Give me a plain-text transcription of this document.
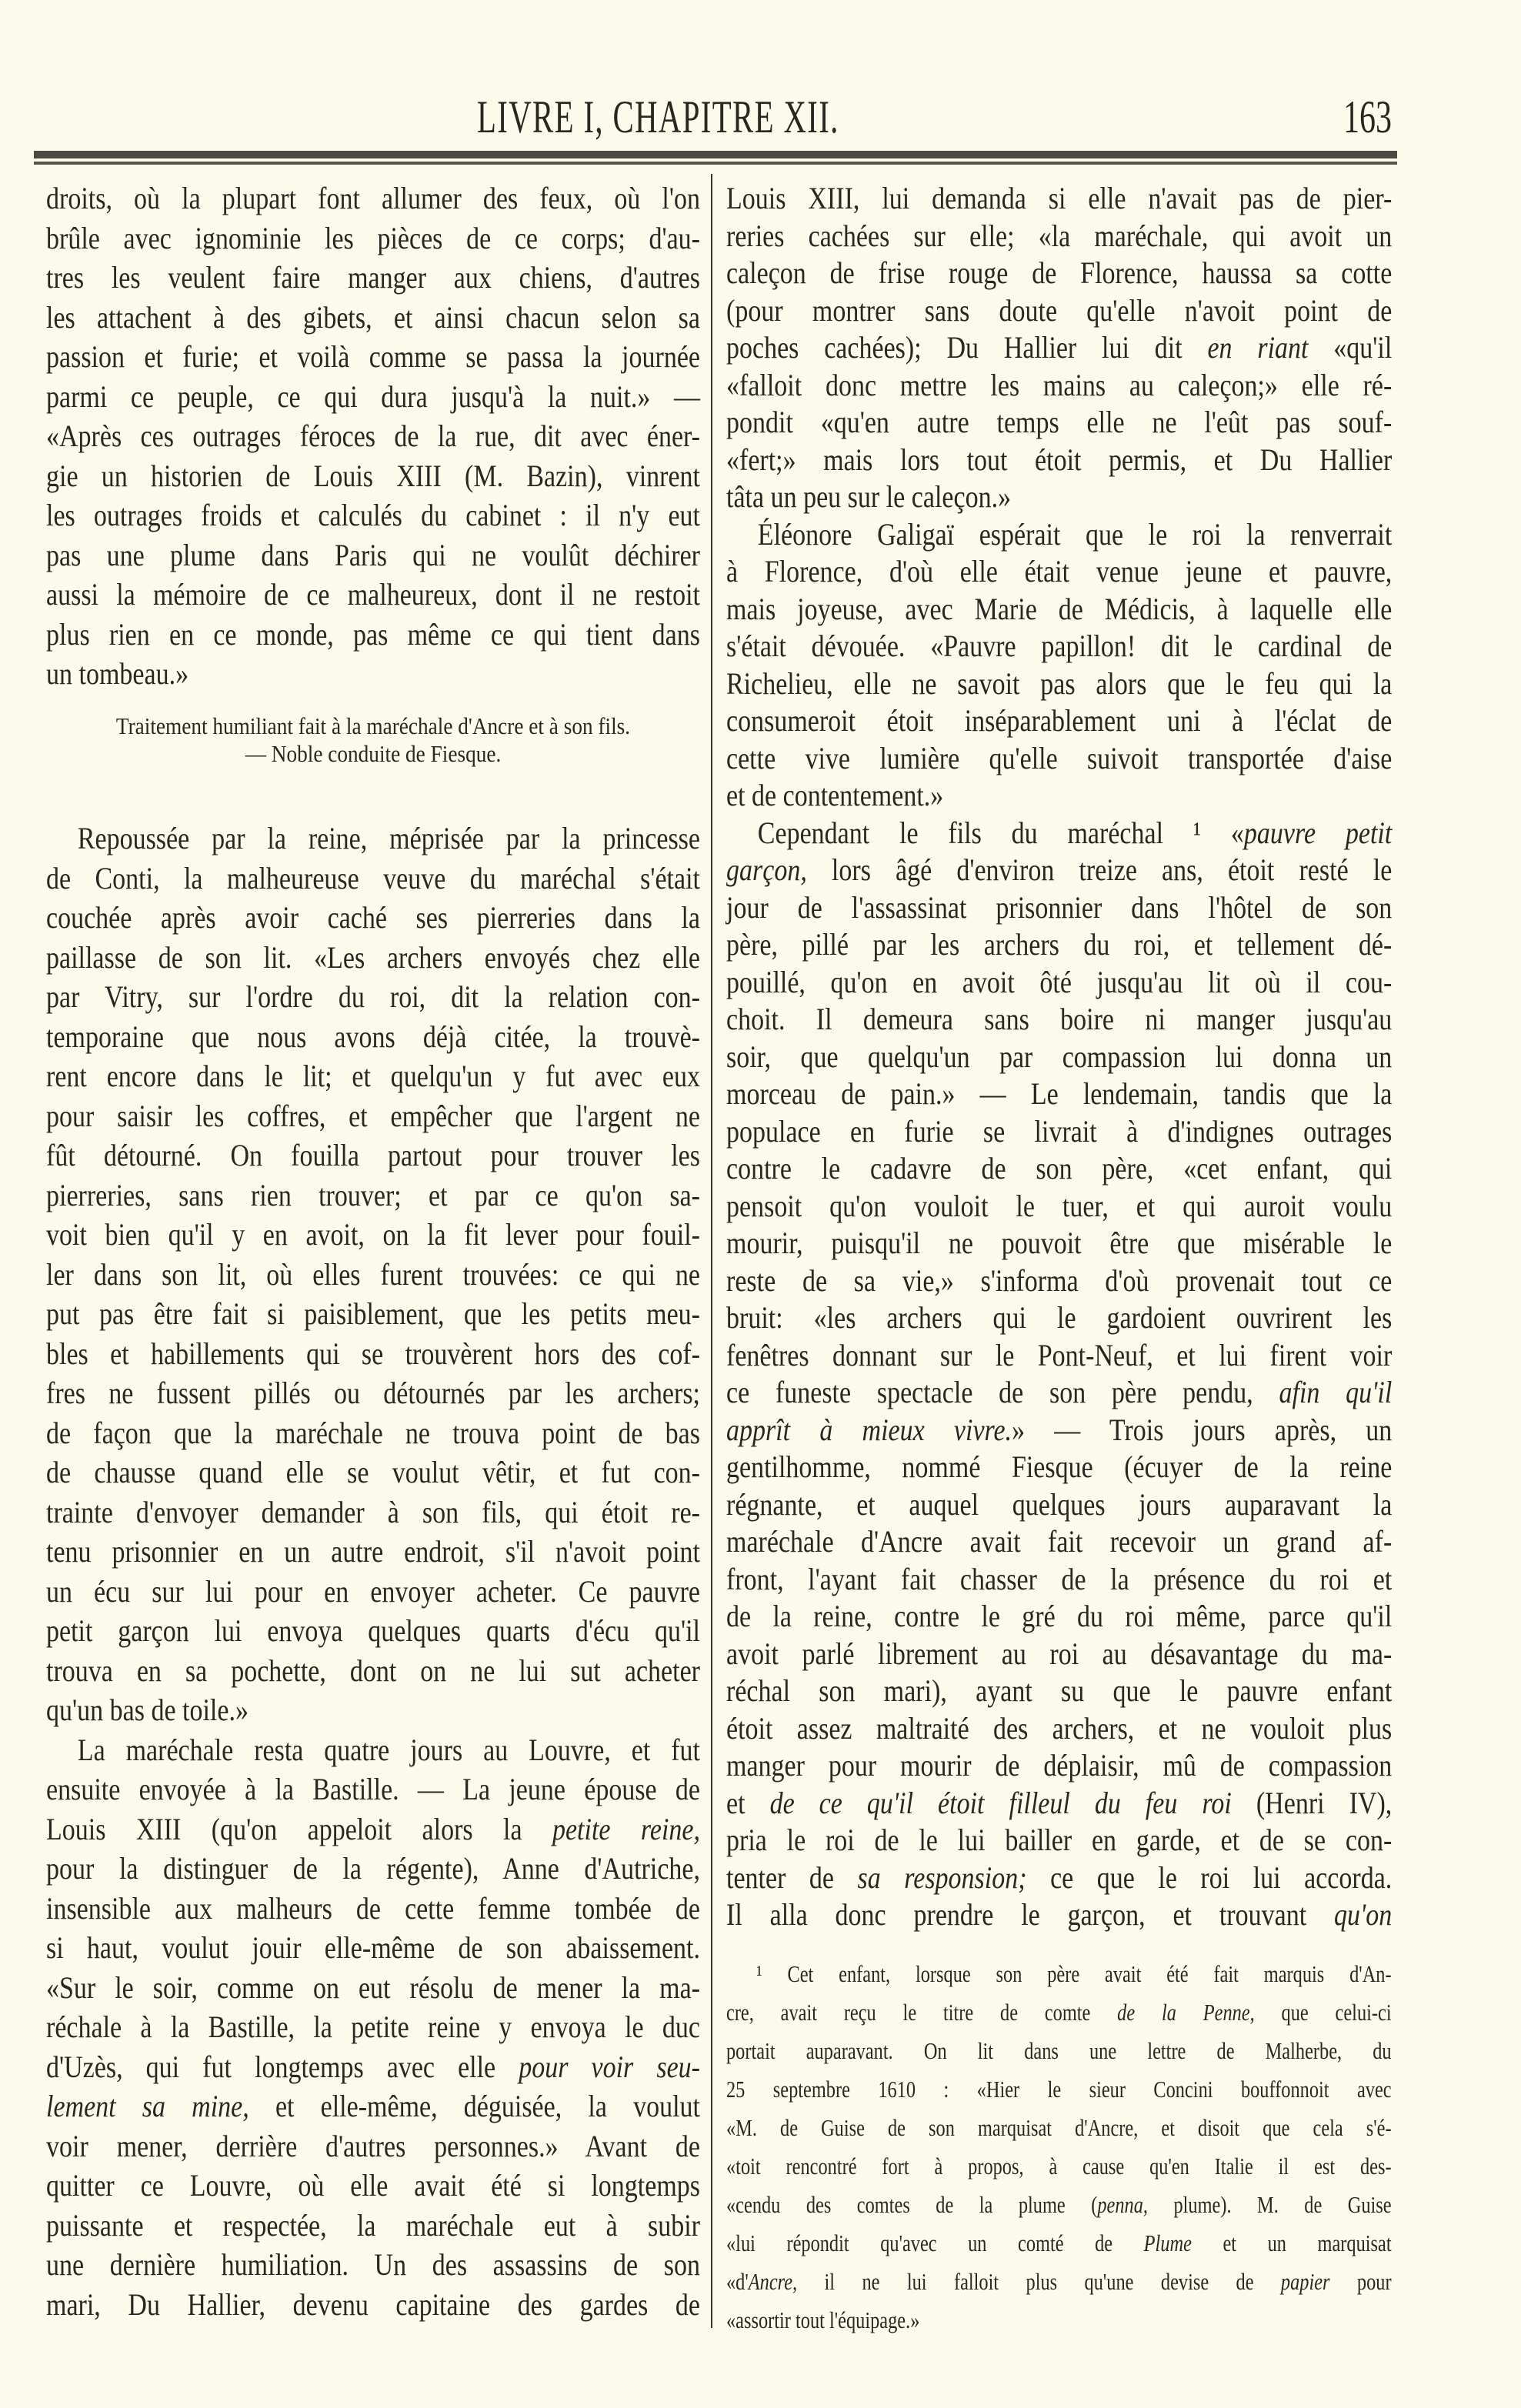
LIVRE I, CHAPITRE XII.	163
droits, où la plupart font allumer des feux, où l'on
brûle avec ignominie les pièces de ce corps; d'au-
tres les veulent faire manger aux chiens, d'autres
les attachent à des gibets, et ainsi chacun selon sa
passion et furie; et voilà comme se passa la journée
parmi ce peuple, ce qui dura jusqu'à la nuit.» —
«Après ces outrages féroces de la rue, dit avec éner-
gie un historien de Louis XIII (M. Bazin), vinrent
les outrages froids et calculés du cabinet : il n'y eut
pas une plume dans Paris qui ne voulût déchirer
aussi la mémoire de ce malheureux, dont il ne restoit
plus rien en ce monde, pas même ce qui tient dans
un tombeau.»
Traitement humiliant fait à la maréchale d'Ancre et à son fils.
— Noble conduite de Fiesque.
Repoussée par la reine, méprisée par la princesse
de Conti, la malheureuse veuve du maréchal s'était
couchée après avoir caché ses pierreries dans la
paillasse de son lit. «Les archers envoyés chez elle
par Vitry, sur l'ordre du roi, dit la relation con-
temporaine que nous avons déjà citée, la trouvè-
rent encore dans le lit; et quelqu'un y fut avec eux
pour saisir les coffres, et empêcher que l'argent ne
fût détourné. On fouilla partout pour trouver les
pierreries, sans rien trouver; et par ce qu'on sa-
voit bien qu'il y en avoit, on la fit lever pour fouil-
ler dans son lit, où elles furent trouvées: ce qui ne
put pas être fait si paisiblement, que les petits meu-
bles et habillements qui se trouvèrent hors des cof-
fres ne fussent pillés ou détournés par les archers;
de façon que la maréchale ne trouva point de bas
de chausse quand elle se voulut vêtir, et fut con-
trainte d'envoyer demander à son fils, qui étoit re-
tenu prisonnier en un autre endroit, s'il n'avoit point
un écu sur lui pour en envoyer acheter. Ce pauvre
petit garçon lui envoya quelques quarts d'écu qu'il
trouva en sa pochette, dont on ne lui sut acheter
qu'un bas de toile.»
La maréchale resta quatre jours au Louvre, et fut
ensuite envoyée à la Bastille. — La jeune épouse de
Louis XIII (qu'on appeloit alors la petite reine,
pour la distinguer de la régente), Anne d'Autriche,
insensible aux malheurs de cette femme tombée de
si haut, voulut jouir elle-même de son abaissement.
«Sur le soir, comme on eut résolu de mener la ma-
réchale à la Bastille, la petite reine y envoya le duc
d'Uzès, qui fut longtemps avec elle pour voir seu-
lement sa mine, et elle-même, déguisée, la voulut
voir mener, derrière d'autres personnes.» Avant de
quitter ce Louvre, où elle avait été si longtemps
puissante et respectée, la maréchale eut à subir
une dernière humiliation. Un des assassins de son
mari, Du Hallier, devenu capitaine des gardes de
Louis XIII, lui demanda si elle n'avait pas de pier-
reries cachées sur elle; «la maréchale, qui avoit un
caleçon de frise rouge de Florence, haussa sa cotte
(pour montrer sans doute qu'elle n'avoit point de
poches cachées); Du Hallier lui dit en riant «qu'il
«falloit donc mettre les mains au caleçon;» elle ré-
pondit «qu'en autre temps elle ne l'eût pas souf-
«fert;» mais lors tout étoit permis, et Du Hallier
tâta un peu sur le caleçon.»
Éléonore Galigaï espérait que le roi la renverrait
à Florence, d'où elle était venue jeune et pauvre,
mais joyeuse, avec Marie de Médicis, à laquelle elle
s'était dévouée. «Pauvre papillon! dit le cardinal de
Richelieu, elle ne savoit pas alors que le feu qui la
consumeroit étoit inséparablement uni à l'éclat de
cette vive lumière qu'elle suivoit transportée d'aise
et de contentement.»
Cependant le fils du maréchal ¹ «pauvre petit
garçon, lors âgé d'environ treize ans, étoit resté le
jour de l'assassinat prisonnier dans l'hôtel de son
père, pillé par les archers du roi, et tellement dé-
pouillé, qu'on en avoit ôté jusqu'au lit où il cou-
choit. Il demeura sans boire ni manger jusqu'au
soir, que quelqu'un par compassion lui donna un
morceau de pain.» — Le lendemain, tandis que la
populace en furie se livrait à d'indignes outrages
contre le cadavre de son père, «cet enfant, qui
pensoit qu'on vouloit le tuer, et qui auroit voulu
mourir, puisqu'il ne pouvoit être que misérable le
reste de sa vie,» s'informa d'où provenait tout ce
bruit: «les archers qui le gardoient ouvrirent les
fenêtres donnant sur le Pont-Neuf, et lui firent voir
ce funeste spectacle de son père pendu, afin qu'il
apprît à mieux vivre.» — Trois jours après, un
gentilhomme, nommé Fiesque (écuyer de la reine
régnante, et auquel quelques jours auparavant la
maréchale d'Ancre avait fait recevoir un grand af-
front, l'ayant fait chasser de la présence du roi et
de la reine, contre le gré du roi même, parce qu'il
avoit parlé librement au roi au désavantage du ma-
réchal son mari), ayant su que le pauvre enfant
étoit assez maltraité des archers, et ne vouloit plus
manger pour mourir de déplaisir, mû de compassion
et de ce qu'il étoit filleul du feu roi (Henri IV),
pria le roi de le lui bailler en garde, et de se con-
tenter de sa responsion; ce que le roi lui accorda.
Il alla donc prendre le garçon, et trouvant qu'on
¹ Cet enfant, lorsque son père avait été fait marquis d'An-
cre, avait reçu le titre de comte de la Penne, que celui-ci
portait auparavant. On lit dans une lettre de Malherbe, du
25 septembre 1610 : «Hier le sieur Concini bouffonnoit avec
«M. de Guise de son marquisat d'Ancre, et disoit que cela s'é-
«toit rencontré fort à propos, à cause qu'en Italie il est des-
«cendu des comtes de la plume (penna, plume). M. de Guise
«lui répondit qu'avec un comté de Plume et un marquisat
«d'Ancre, il ne lui falloit plus qu'une devise de papier pour
«assortir tout l'équipage.»
